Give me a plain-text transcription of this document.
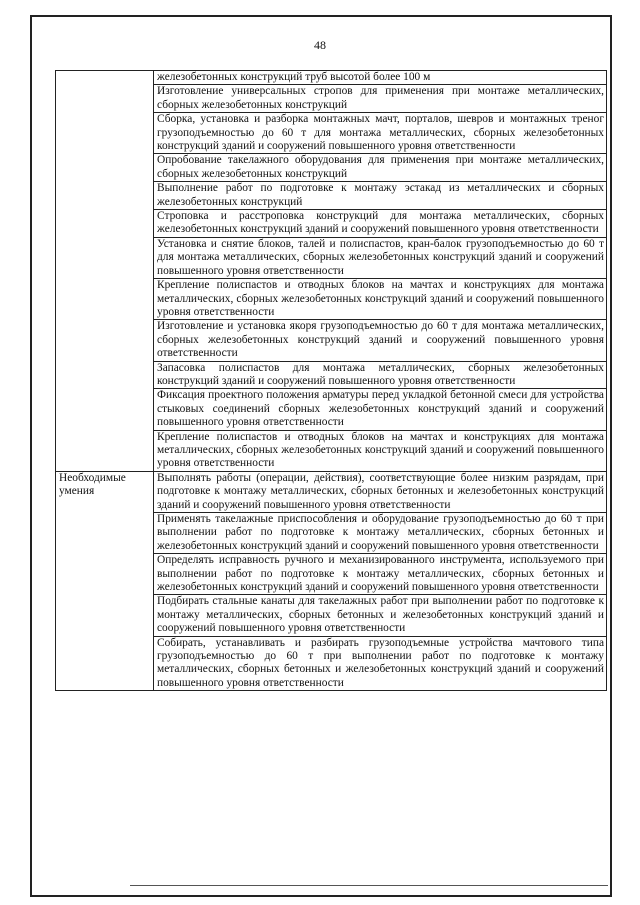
48
	железобетонных конструкций труб высотой более 100 м
	Изготовление универсальных стропов для применения при монтаже металлических, сборных железобетонных конструкций
	Сборка, установка и разборка монтажных мачт, порталов, шевров и монтажных треног грузоподъемностью до 60 т для монтажа металлических, сборных железобетонных конструкций зданий и сооружений повышенного уровня ответственности
	Опробование такелажного оборудования для применения при монтаже металлических, сборных железобетонных конструкций
	Выполнение работ по подготовке к монтажу эстакад из металлических и сборных железобетонных конструкций
	Строповка и расстроповка конструкций для монтажа металлических, сборных железобетонных конструкций зданий и сооружений повышенного уровня ответственности
	Установка и снятие блоков, талей и полиспастов, кран-балок грузоподъемностью до 60 т для монтажа металлических, сборных железобетонных конструкций зданий и сооружений повышенного уровня ответственности
	Крепление полиспастов и отводных блоков на мачтах и конструкциях для монтажа металлических, сборных железобетонных конструкций зданий и сооружений повышенного уровня ответственности
	Изготовление и установка якоря грузоподъемностью до 60 т для монтажа металлических, сборных железобетонных конструкций зданий и сооружений повышенного уровня ответственности
	Запасовка полиспастов для монтажа металлических, сборных железобетонных конструкций зданий и сооружений повышенного уровня ответственности
	Фиксация проектного положения арматуры перед укладкой бетонной смеси для устройства стыковых соединений сборных железобетонных конструкций зданий и сооружений повышенного уровня ответственности
	Крепление полиспастов и отводных блоков на мачтах и конструкциях для монтажа металлических, сборных железобетонных конструкций зданий и сооружений повышенного уровня ответственности
Необходимые умения	Выполнять работы (операции, действия), соответствующие более низким разрядам, при подготовке к монтажу металлических, сборных бетонных и железобетонных конструкций зданий и сооружений повышенного уровня ответственности
	Применять такелажные приспособления и оборудование грузоподъемностью до 60 т при выполнении работ по подготовке к монтажу металлических, сборных бетонных и железобетонных конструкций зданий и сооружений повышенного уровня ответственности
	Определять исправность ручного и механизированного инструмента, используемого при выполнении работ по подготовке к монтажу металлических, сборных бетонных и железобетонных конструкций зданий и сооружений повышенного уровня ответственности
	Подбирать стальные канаты для такелажных работ при выполнении работ по подготовке к монтажу металлических, сборных бетонных и железобетонных конструкций зданий и сооружений повышенного уровня ответственности
	Собирать, устанавливать и разбирать грузоподъемные устройства мачтового типа грузоподъемностью до 60 т при выполнении работ по подготовке к монтажу металлических, сборных бетонных и железобетонных конструкций зданий и сооружений повышенного уровня ответственности
